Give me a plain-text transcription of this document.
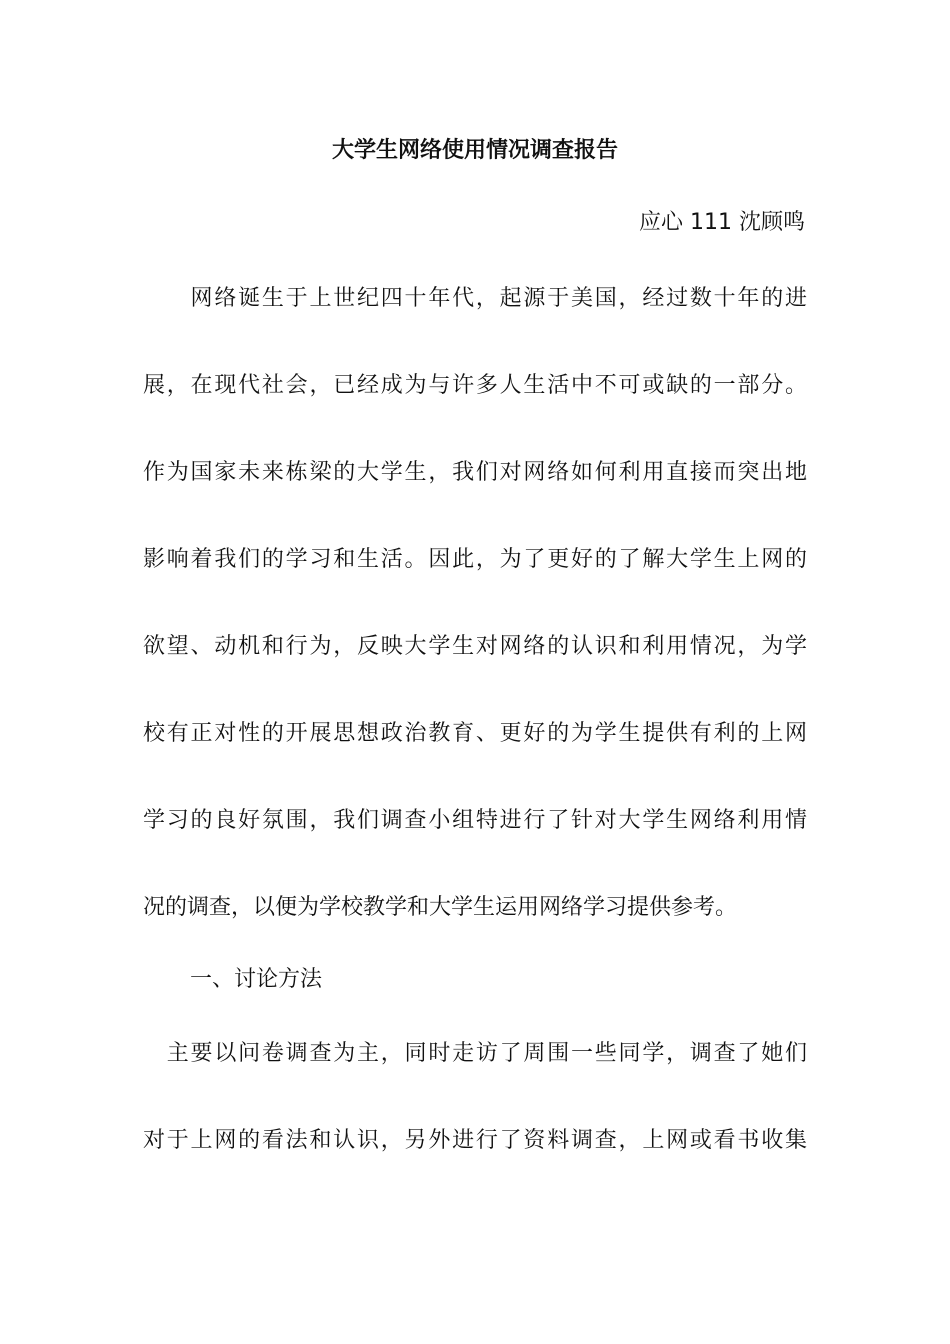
大学生网络使用情况调查报告
应心 111 沈顾鸣
　　网络诞生于上世纪四十年代，起源于美国，经过数十年的进
展，在现代社会，已经成为与许多人生活中不可或缺的一部分。
作为国家未来栋梁的大学生，我们对网络如何利用直接而突出地
影响着我们的学习和生活。因此，为了更好的了解大学生上网的
欲望、动机和行为，反映大学生对网络的认识和利用情况，为学
校有正对性的开展思想政治教育、更好的为学生提供有利的上网
学习的良好氛围，我们调查小组特进行了针对大学生网络利用情
况的调查，以便为学校教学和大学生运用网络学习提供参考。
一、讨论方法
　主要以问卷调查为主，同时走访了周围一些同学，调查了她们
对于上网的看法和认识，另外进行了资料调查，上网或看书收集
